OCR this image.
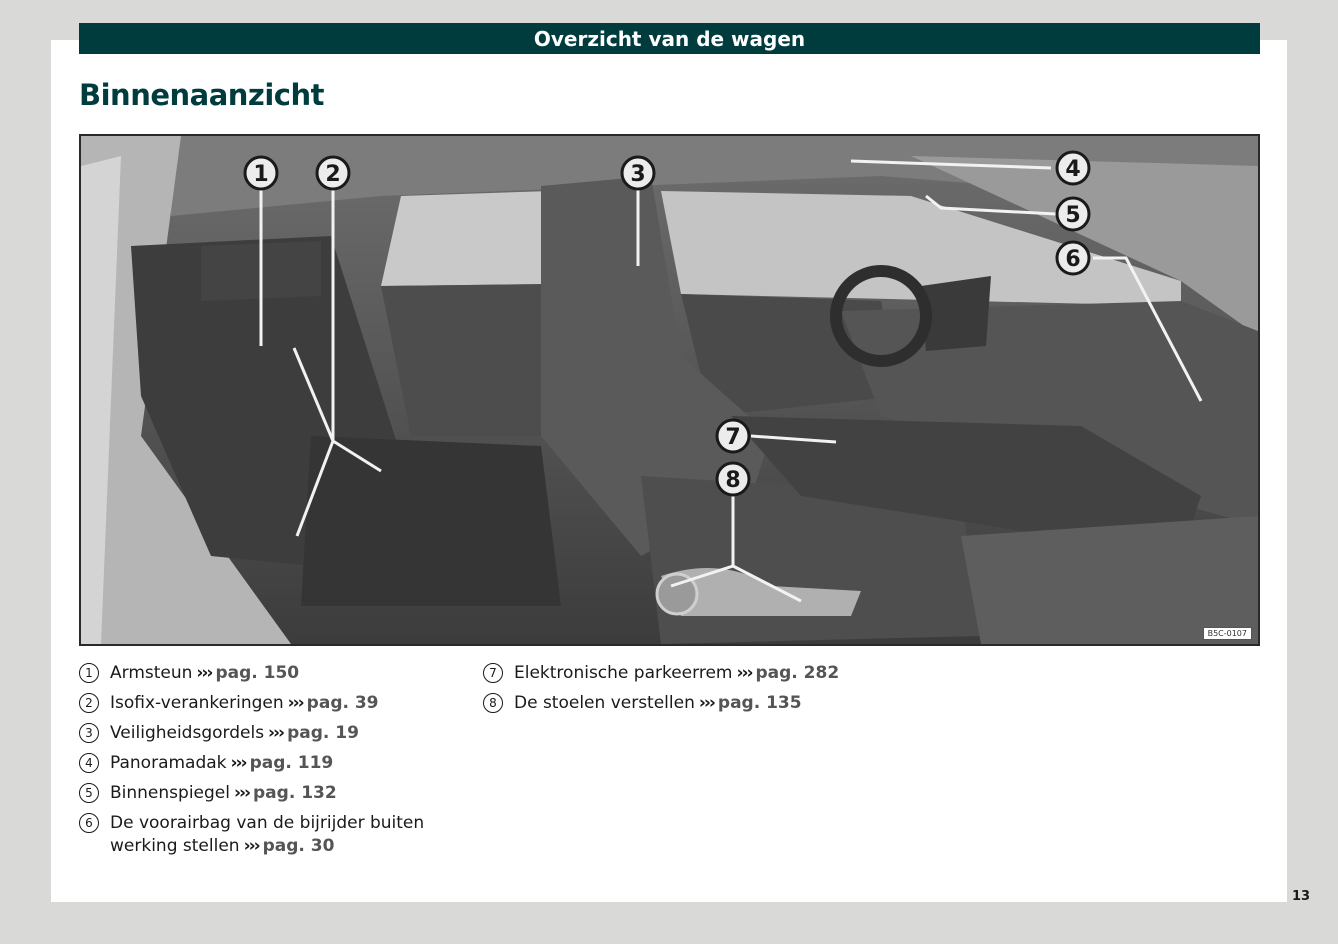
Overzicht van de wagen
Binnenaanzicht
1	2	3	4
5
6
7
8
B5C-0107
1	Armsteun ››› pag. 150
2	Isofix-verankeringen ››› pag. 39
3	Veiligheidsgordels ››› pag. 19
4	Panoramadak ››› pag. 119
5	Binnenspiegel ››› pag. 132
6	De voorairbag van de bijrijder buiten werking stellen ››› pag. 30
7	Elektronische parkeerrem ››› pag. 282
8	De stoelen verstellen ››› pag. 135
13
